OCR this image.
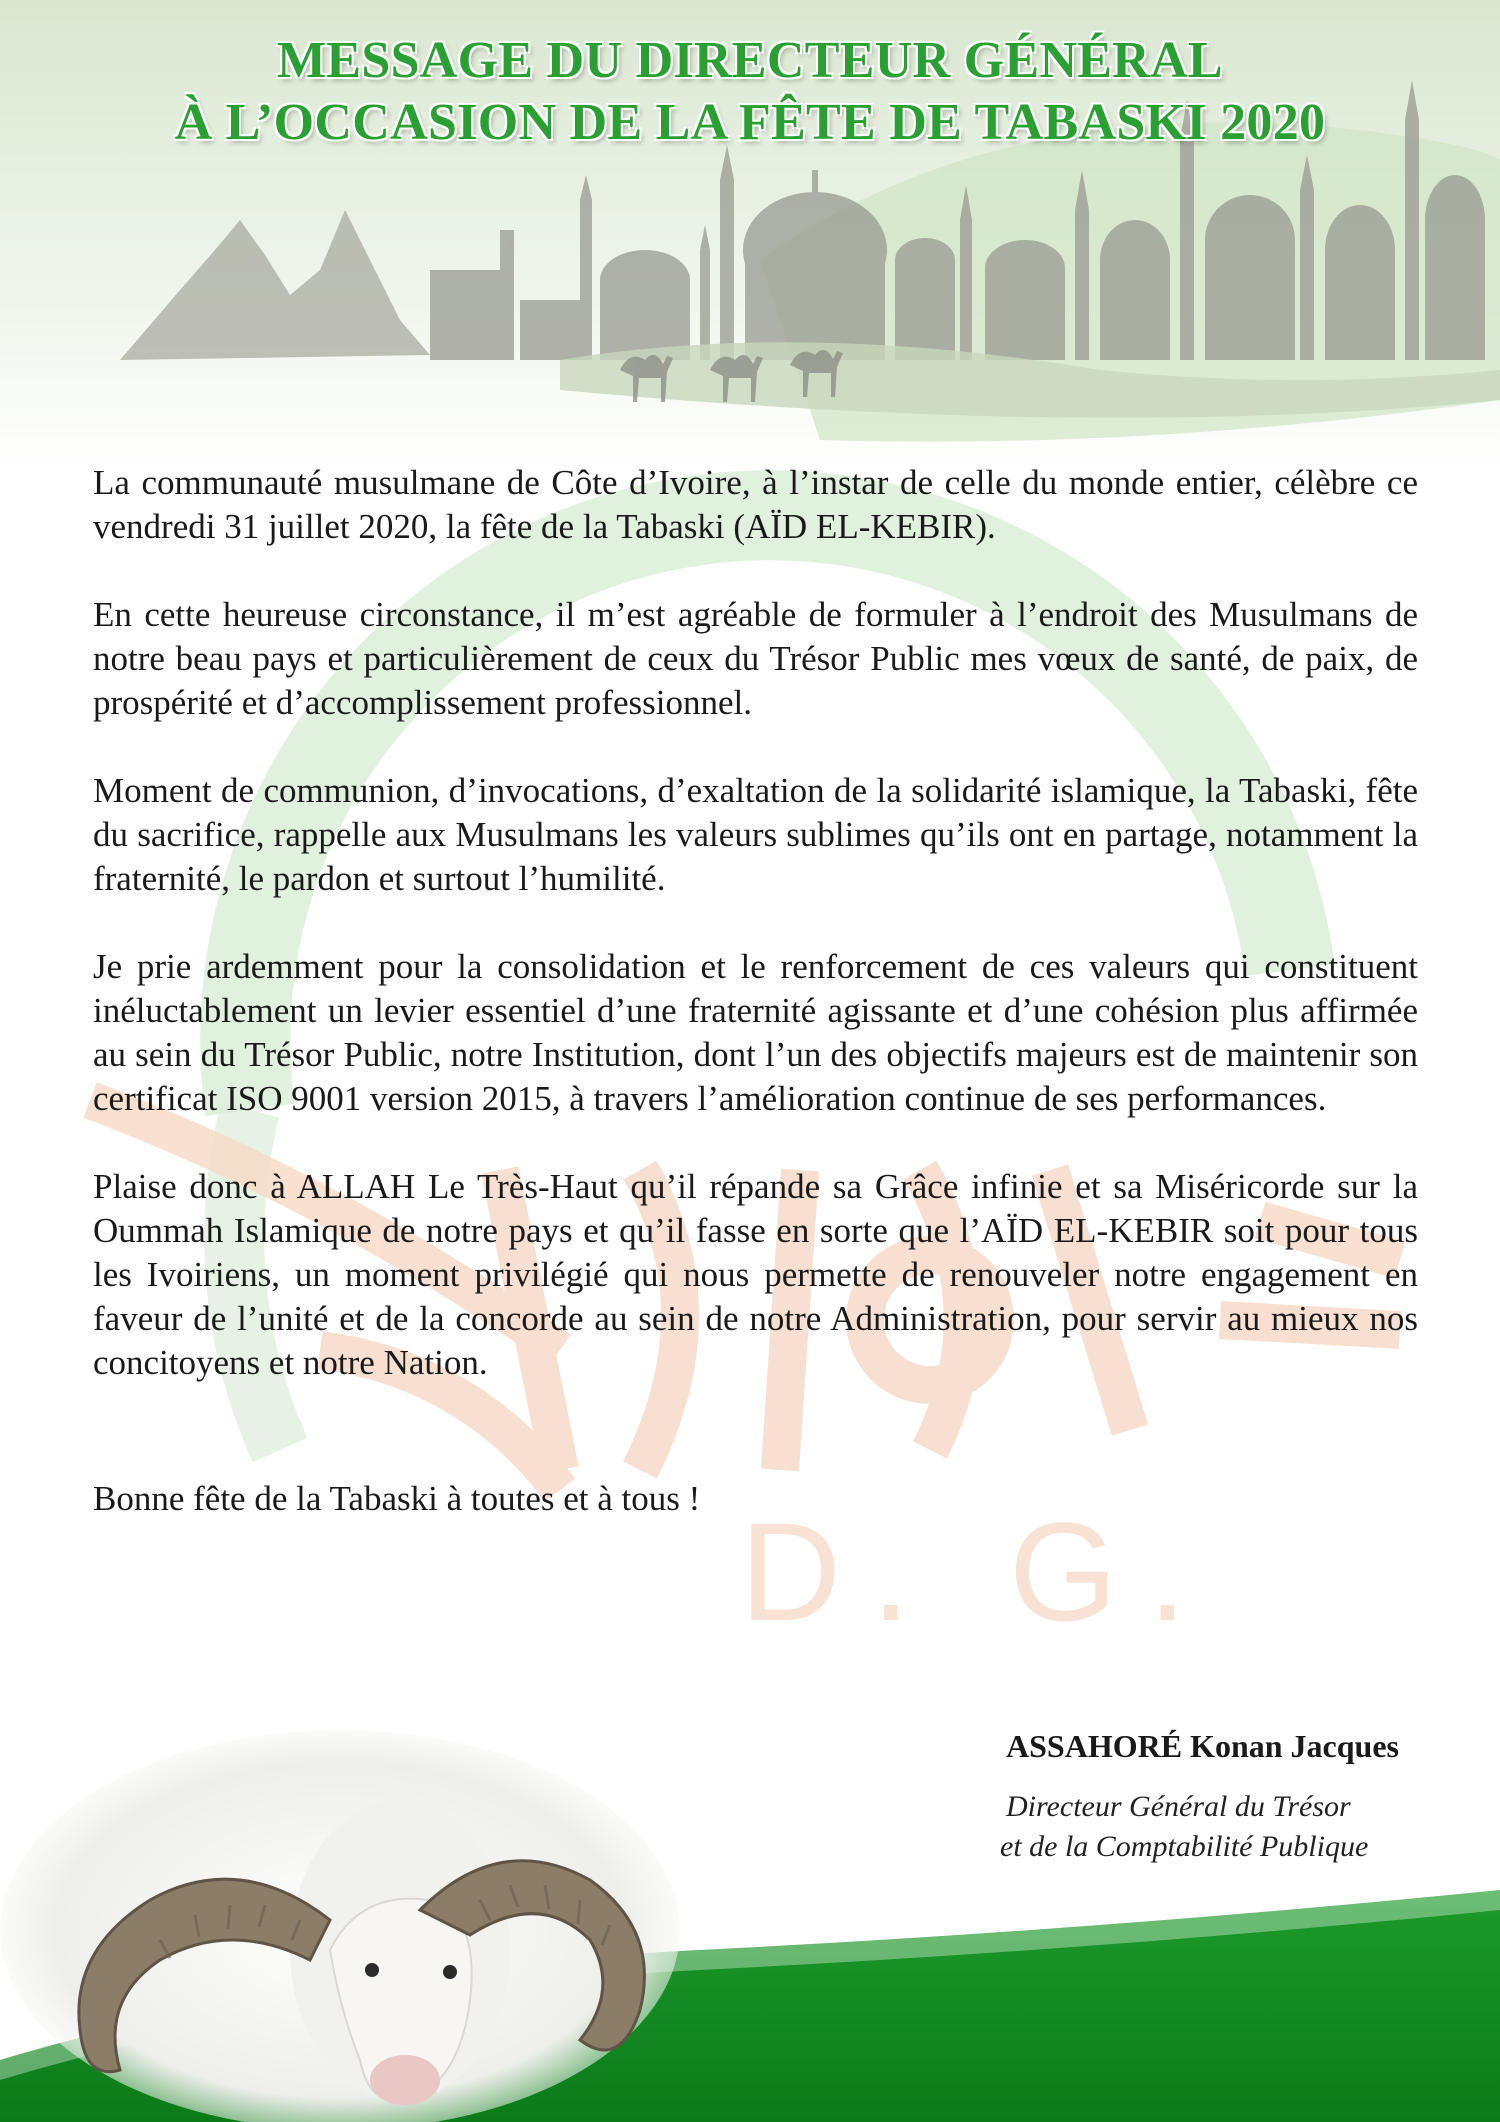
MESSAGE DU DIRECTEUR GÉNÉRAL
À L’OCCASION DE LA FÊTE DE TABASKI 2020
D. G.

La communauté musulmane de Côte d’Ivoire, à l’instar de celle du monde entier, célèbre ce vendredi 31 juillet 2020, la fête de la Tabaski (AÏD EL-KEBIR).

En cette heureuse circonstance, il m’est agréable de formuler à l’endroit des Musulmans de notre beau pays et particulièrement de ceux du Trésor Public mes vœux de santé, de paix, de prospérité et d’accomplissement professionnel.

Moment de communion, d’invocations, d’exaltation de la solidarité islamique, la Tabaski, fête du sacrifice, rappelle aux Musulmans les valeurs sublimes qu’ils ont en partage, notamment la fraternité, le pardon et surtout l’humilité.

Je prie ardemment pour la consolidation et le renforcement de ces valeurs qui constituent inéluctablement un levier essentiel d’une fraternité agissante et d’une cohésion plus affirmée au sein du Trésor Public, notre Institution, dont l’un des objectifs majeurs est de maintenir son certificat ISO 9001 version 2015, à travers l’amélioration continue de ses performances.

Plaise donc à ALLAH Le Très-Haut qu’il répande sa Grâce infinie et sa Miséricorde sur la Oummah Islamique de notre pays et qu’il fasse en sorte que l’AÏD EL-KEBIR soit pour tous les Ivoiriens, un moment privilégié qui nous permette de renouveler notre engagement en faveur de l’unité et de la concorde au sein de notre Administration, pour servir au mieux nos concitoyens et notre Nation.

Bonne fête de la Tabaski à toutes et à tous !

ASSAHORÉ Konan Jacques
Directeur Général du Trésor
et de la Comptabilité Publique
